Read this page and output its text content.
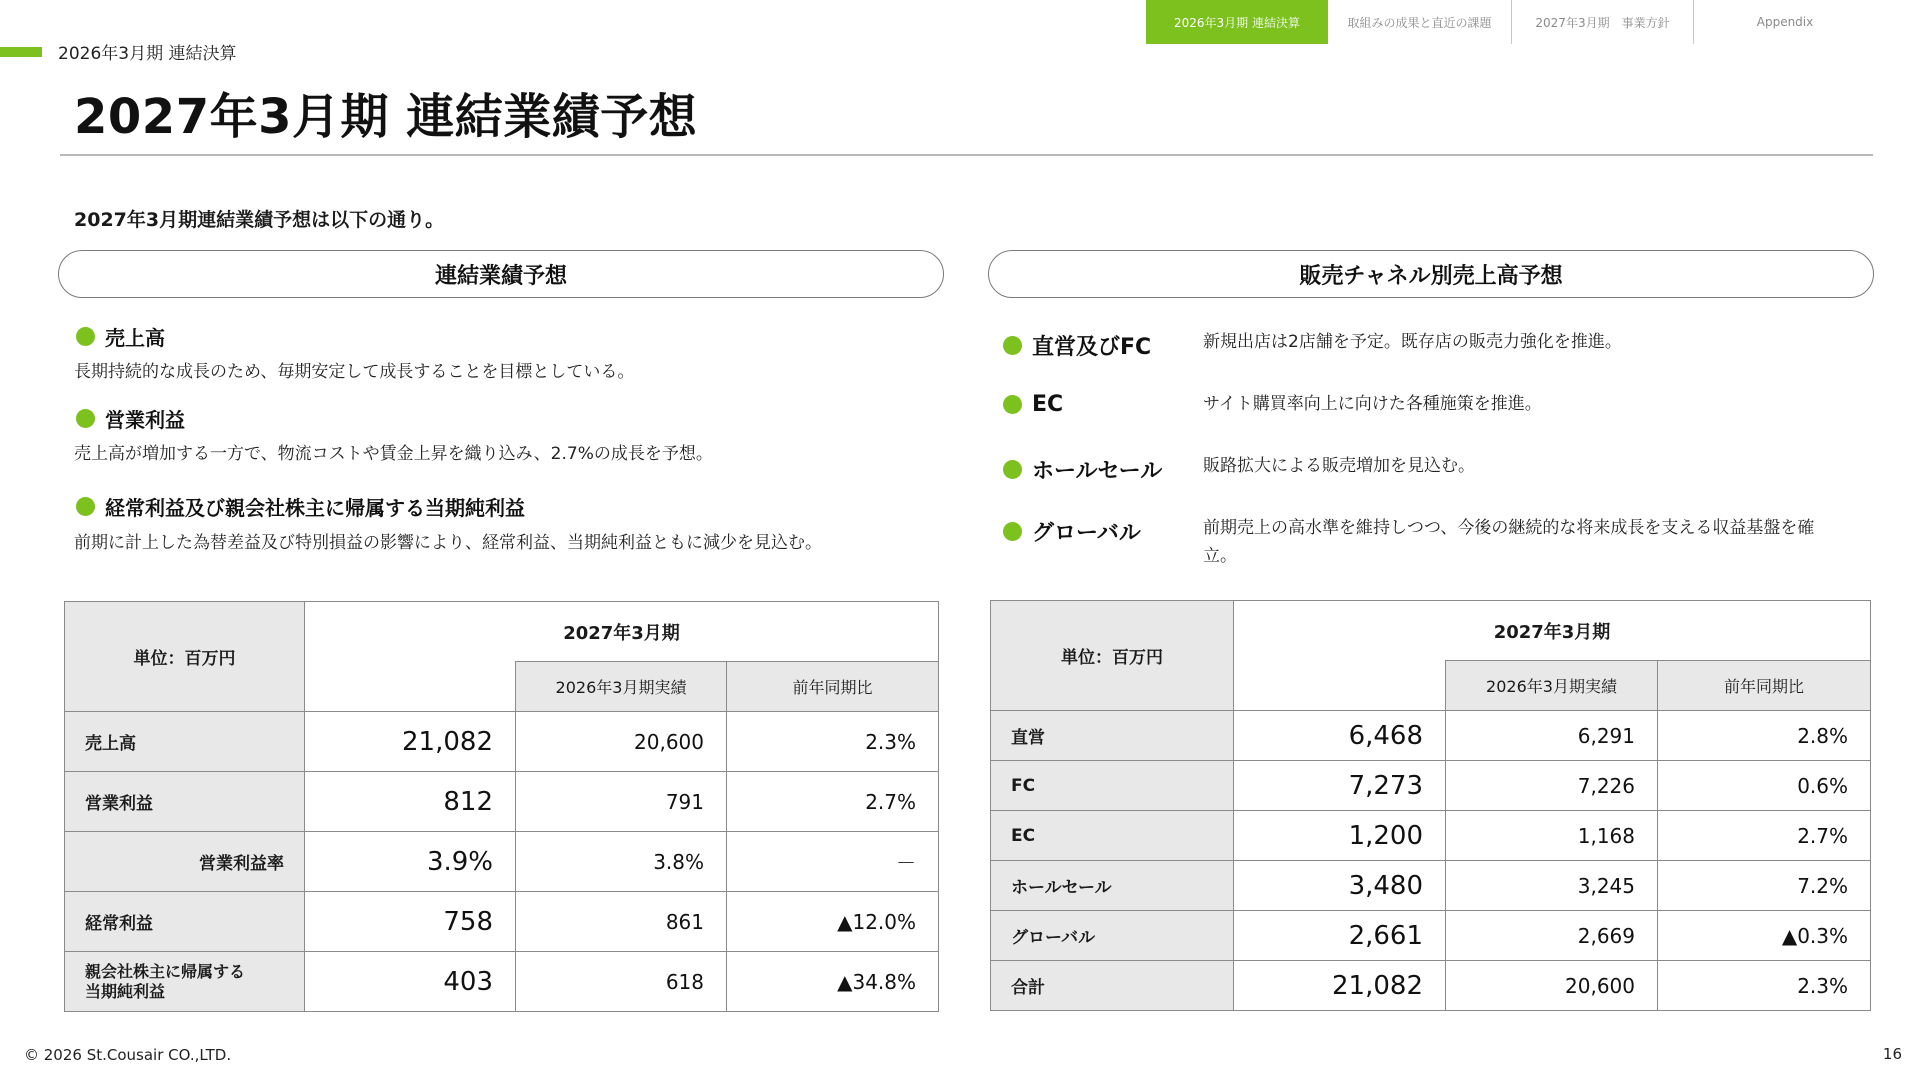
2026年3月期 連結決算	取組みの成果と直近の課題	2027年3月期　事業方針	Appendix
2026年3月期 連結決算
2027年3月期 連結業績予想
2027年3月期連結業績予想は以下の通り。
連結業績予想	販売チャネル別売上高予想
売上高
長期持続的な成長のため、毎期安定して成長することを目標としている。
営業利益
売上高が増加する一方で、物流コストや賃金上昇を織り込み、2.7%の成長を予想。
経常利益及び親会社株主に帰属する当期純利益
前期に計上した為替差益及び特別損益の影響により、経常利益、当期純利益ともに減少を見込む。
直営及びFC	新規出店は2店舗を予定。既存店の販売力強化を推進。
EC	サイト購買率向上に向けた各種施策を推進。
ホールセール 販路拡大による販売増加を見込む。
グローバル	前期売上の高水準を維持しつつ、今後の継続的な将来成長を支える収益基盤を確立。
単位：百万円	2027年3月期		
		2026年3月期実績	前年同期比
売上高	21,082	20,600	2.3%
営業利益	812	791	2.7%
営業利益率	3.9%	3.8%	－
経常利益	758	861	▲12.0%

親会社株主に帰属する
当期純利益	403	618	▲34.8%
単位：百万円	2027年3月期		
		2026年3月期実績	前年同期比
直営	6,468	6,291	2.8%
FC	7,273	7,226	0.6%
EC	1,200	1,168	2.7%
ホールセール	3,480	3,245	7.2%
グローバル	2,661	2,669	▲0.3%
合計	21,082	20,600	2.3%
© 2026 St.Cousair CO.,LTD.	16
